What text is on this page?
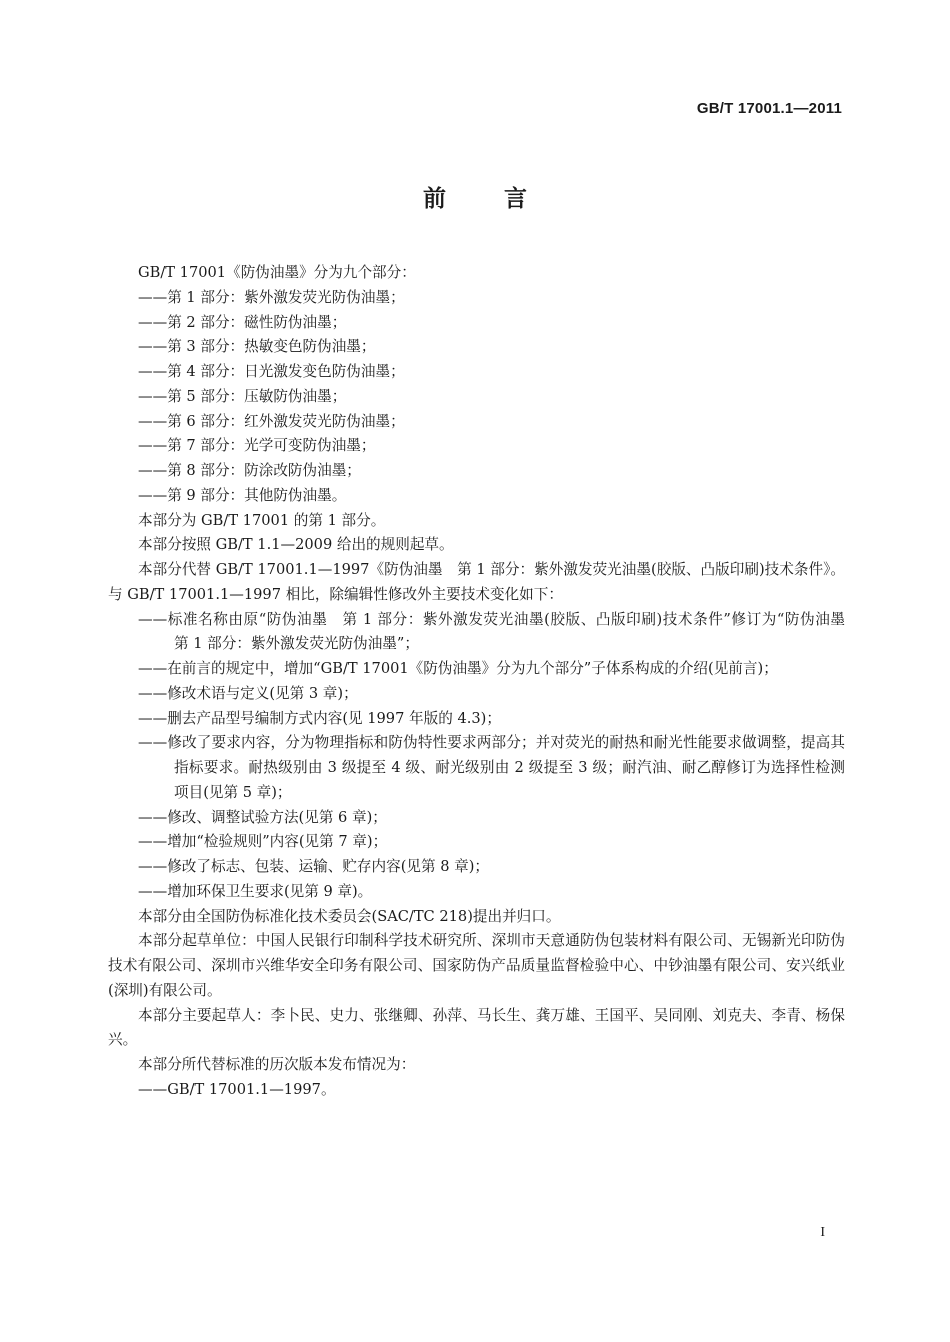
GB/T 17001.1—2011
前言

GB/T 17001《防伪油墨》分为九个部分：

——第 1 部分：紫外激发荧光防伪油墨；

——第 2 部分：磁性防伪油墨；

——第 3 部分：热敏变色防伪油墨；

——第 4 部分：日光激发变色防伪油墨；

——第 5 部分：压敏防伪油墨；

——第 6 部分：红外激发荧光防伪油墨；

——第 7 部分：光学可变防伪油墨；

——第 8 部分：防涂改防伪油墨；

——第 9 部分：其他防伪油墨。

本部分为 GB/T 17001 的第 1 部分。

本部分按照 GB/T 1.1—2009 给出的规则起草。

本部分代替 GB/T 17001.1—1997《防伪油墨　第 1 部分：紫外激发荧光油墨(胶版、凸版印刷)技术条件》。与 GB/T 17001.1—1997 相比，除编辑性修改外主要技术变化如下：

——标准名称由原“防伪油墨　第 1 部分：紫外激发荧光油墨(胶版、凸版印刷)技术条件”修订为“防伪油墨　第 1 部分：紫外激发荧光防伪油墨”；

——在前言的规定中，增加“GB/T 17001《防伪油墨》分为九个部分”子体系构成的介绍(见前言)；

——修改术语与定义(见第 3 章)；

——删去产品型号编制方式内容(见 1997 年版的 4.3)；

——修改了要求内容，分为物理指标和防伪特性要求两部分；并对荧光的耐热和耐光性能要求做调整，提高其指标要求。耐热级别由 3 级提至 4 级、耐光级别由 2 级提至 3 级；耐汽油、耐乙醇修订为选择性检测项目(见第 5 章)；

——修改、调整试验方法(见第 6 章)；

——增加“检验规则”内容(见第 7 章)；

——修改了标志、包装、运输、贮存内容(见第 8 章)；

——增加环保卫生要求(见第 9 章)。

本部分由全国防伪标准化技术委员会(SAC/TC 218)提出并归口。

本部分起草单位：中国人民银行印制科学技术研究所、深圳市天意通防伪包装材料有限公司、无锡新光印防伪技术有限公司、深圳市兴维华安全印务有限公司、国家防伪产品质量监督检验中心、中钞油墨有限公司、安兴纸业(深圳)有限公司。

本部分主要起草人：李卜民、史力、张继卿、孙萍、马长生、龚万雄、王国平、吴同刚、刘克夫、李青、杨保兴。

本部分所代替标准的历次版本发布情况为：

——GB/T 17001.1—1997。

I
